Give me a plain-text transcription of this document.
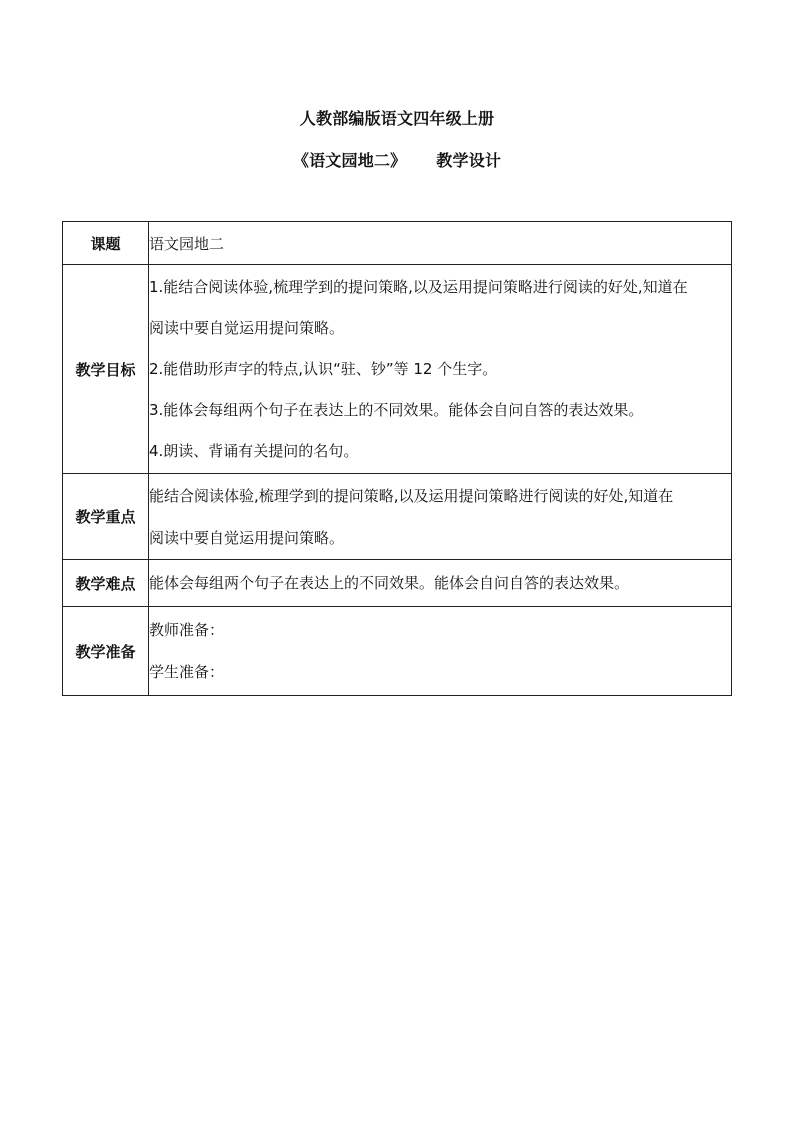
人教部编版语文四年级上册
《语文园地二》 教学设计
课题	语文园地二

教学目标	1.能结合阅读体验,梳理学到的提问策略,以及运用提问策略进行阅读的好处,知道在
阅读中要自觉运用提问策略。
2.能借助形声字的特点,认识“驻、钞”等 12 个生字。
3.能体会每组两个句子在表达上的不同效果。能体会自问自答的表达效果。
4.朗读、背诵有关提问的名句。

教学重点	能结合阅读体验,梳理学到的提问策略,以及运用提问策略进行阅读的好处,知道在
阅读中要自觉运用提问策略。

教学难点	能体会每组两个句子在表达上的不同效果。能体会自问自答的表达效果。

教学准备	教师准备：
学生准备：
